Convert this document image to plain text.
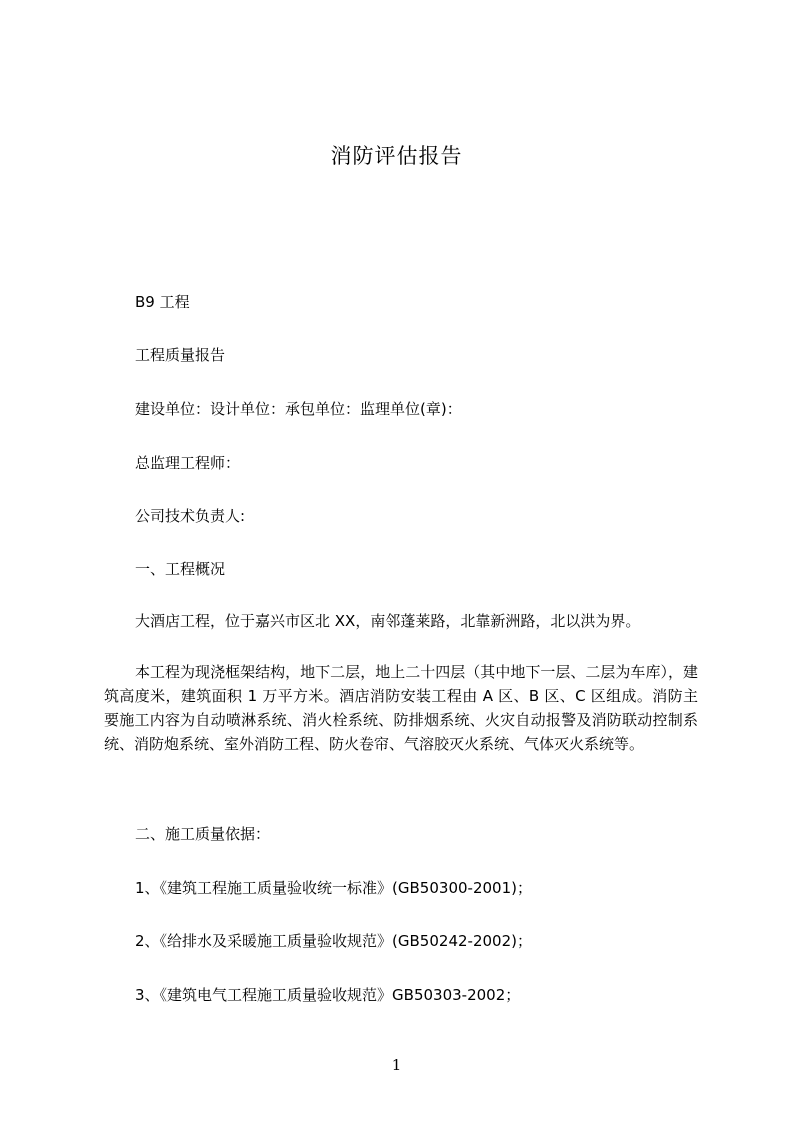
消防评估报告
B9 工程
工程质量报告
建设单位：设计单位：承包单位：监理单位(章)：
总监理工程师：
公司技术负责人:
一、工程概况
大酒店工程，位于嘉兴市区北 XX，南邻蓬莱路，北靠新洲路，北以洪为界。
本工程为现浇框架结构，地下二层，地上二十四层（其中地下一层、二层为车库），建筑高度米，建筑面积 1 万平方米。酒店消防安装工程由 A 区、B 区、C 区组成。消防主要施工内容为自动喷淋系统、消火栓系统、防排烟系统、火灾自动报警及消防联动控制系统、消防炮系统、室外消防工程、防火卷帘、气溶胶灭火系统、气体灭火系统等。
二、施工质量依据：
1、《建筑工程施工质量验收统一标准》(GB50300-2001)；
2、《给排水及采暖施工质量验收规范》(GB50242-2002)；
3、《建筑电气工程施工质量验收规范》GB50303-2002；
1
